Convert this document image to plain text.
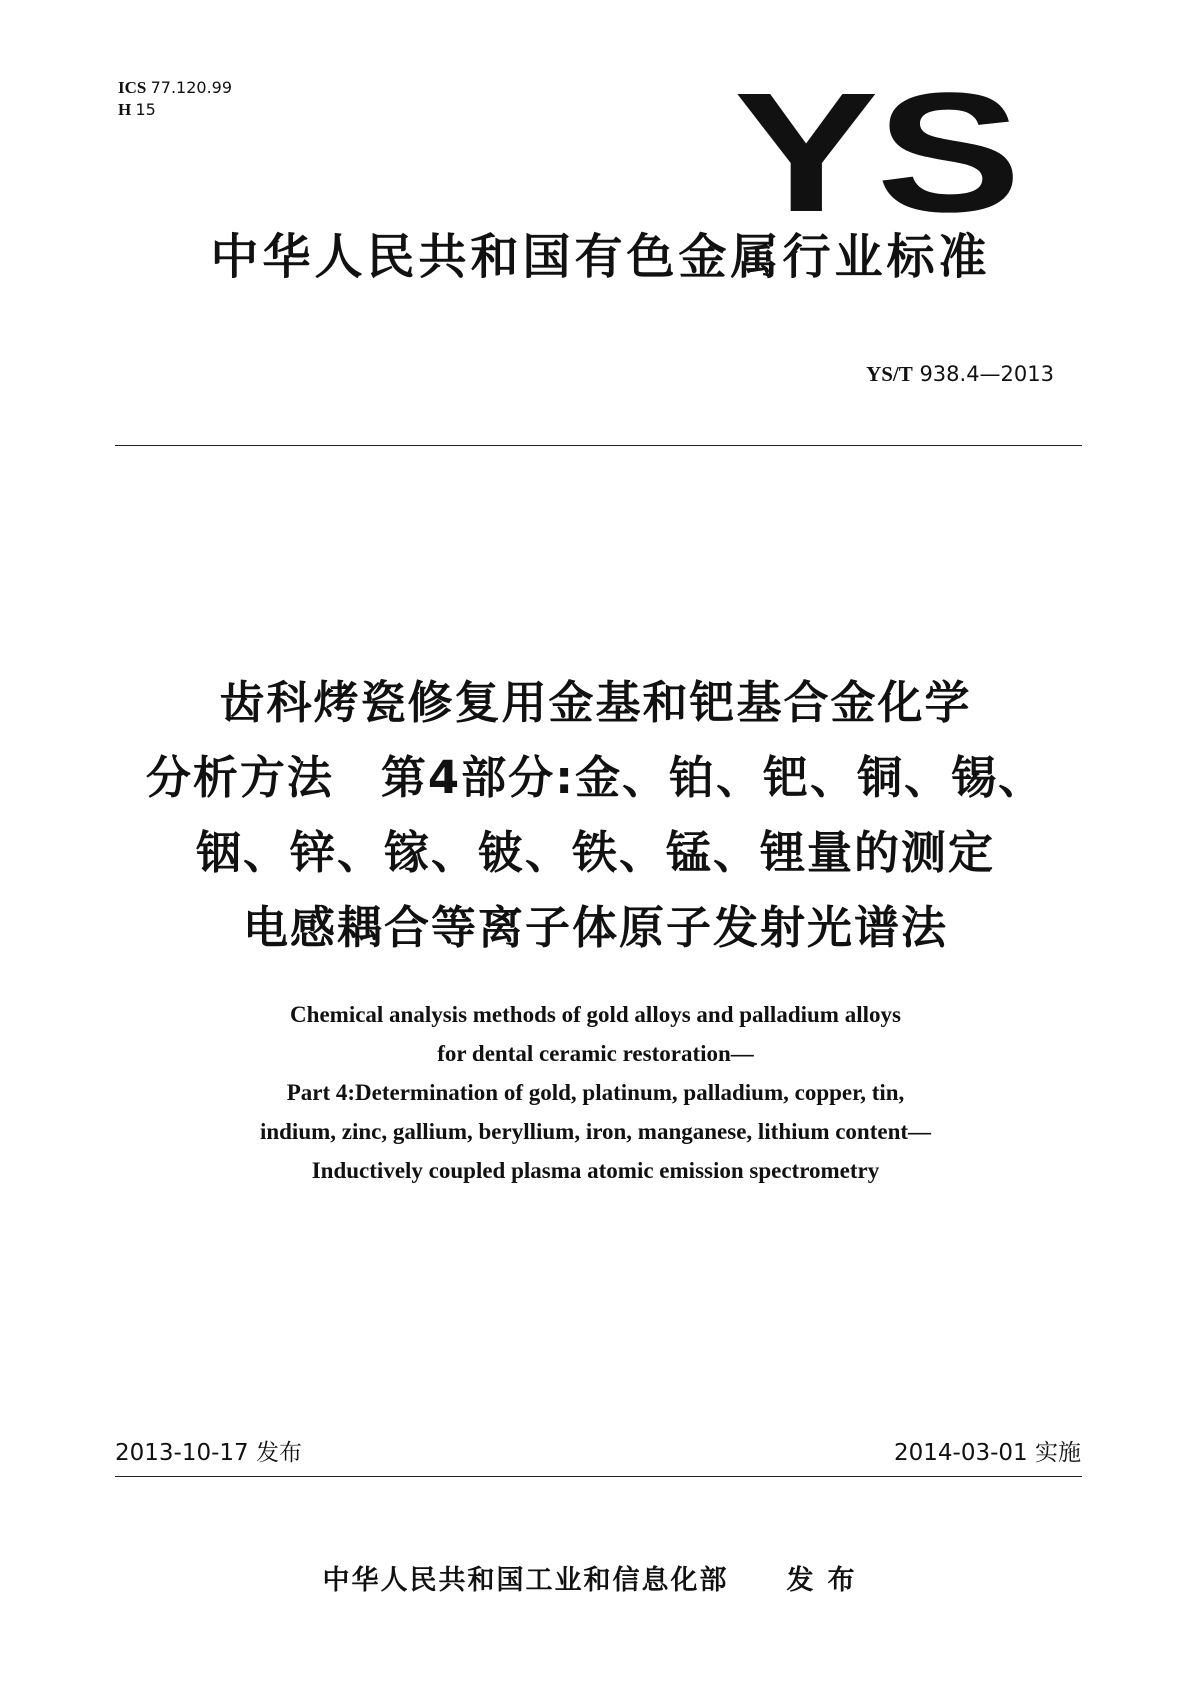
ICS 77.120.99
H 15	YS
中华人民共和国有色金属行业标准
YS/T 938.4—2013
齿科烤瓷修复用金基和钯基合金化学
分析方法　第4部分:金、铂、钯、铜、锡、
铟、锌、镓、铍、铁、锰、锂量的测定
电感耦合等离子体原子发射光谱法
Chemical analysis methods of gold alloys and palladium alloys
for dental ceramic restoration—
Part 4:Determination of gold, platinum, palladium, copper, tin,
indium, zinc, gallium, beryllium, iron, manganese, lithium content—
Inductively coupled plasma atomic emission spectrometry
2013-10-17 发布	2014-03-01 实施
中华人民共和国工业和信息化部 发布
